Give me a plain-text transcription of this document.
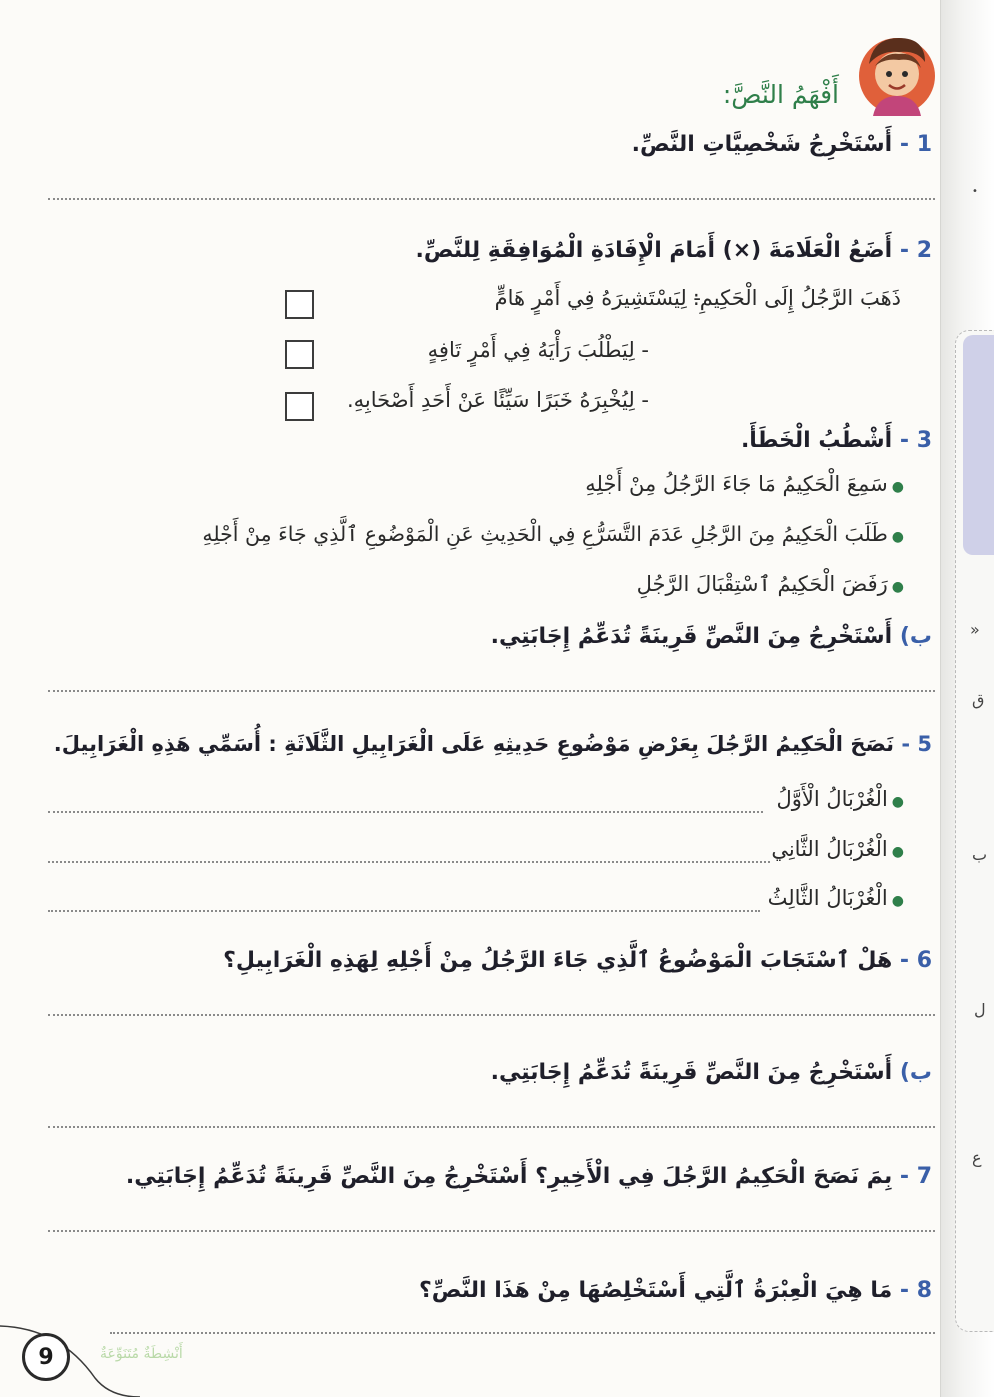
»
ق
ب
ل
ع
•
أَفْهَمُ النَّصَّ:
1 - أَسْتَخْرِجُ شَخْصِيَّاتِ النَّصِّ.
2 - أَضَعُ الْعَلَامَةَ (×) أَمَامَ الْإِفَادَةِ الْمُوَافِقَةِ لِلنَّصِّ.
ذَهَبَ الرَّجُلُ إِلَى الْحَكِيمِ:
- لِيَسْتَشِيرَهُ فِي أَمْرٍ هَامٍّ
- لِيَطْلُبَ رَأْيَهُ فِي أَمْرٍ تَافِهٍ
- لِيُخْبِرَهُ خَبَرًا سَيِّئًا عَنْ أَحَدِ أَصْحَابِهِ.
3 - أَشْطُبُ الْخَطَأَ.
●سَمِعَ الْحَكِيمُ مَا جَاءَ الرَّجُلُ مِنْ أَجْلِهِ
●طَلَبَ الْحَكِيمُ مِنَ الرَّجُلِ عَدَمَ التَّسَرُّعِ فِي الْحَدِيثِ عَنِ الْمَوْضُوعِ ٱلَّذِي جَاءَ مِنْ أَجْلِهِ
●رَفَضَ الْحَكِيمُ ٱسْتِقْبَالَ الرَّجُلِ
ب) أَسْتَخْرِجُ مِنَ النَّصِّ قَرِينَةً تُدَعِّمُ إِجَابَتِي.
5 - نَصَحَ الْحَكِيمُ الرَّجُلَ بِعَرْضِ مَوْضُوعِ حَدِيثِهِ عَلَى الْغَرَابِيلِ الثَّلَاثَةِ : أُسَمِّي هَذِهِ الْغَرَابِيلَ.
●الْغُرْبَالُ الْأَوَّلُ
●الْغُرْبَالُ الثَّانِي
●الْغُرْبَالُ الثَّالِثُ
6 - هَلْ ٱسْتَجَابَ الْمَوْضُوعُ ٱلَّذِي جَاءَ الرَّجُلُ مِنْ أَجْلِهِ لِهَذِهِ الْغَرَابِيلِ؟
ب) أَسْتَخْرِجُ مِنَ النَّصِّ قَرِينَةً تُدَعِّمُ إِجَابَتِي.
7 - بِمَ نَصَحَ الْحَكِيمُ الرَّجُلَ فِي الْأَخِيرِ؟ أَسْتَخْرِجُ مِنَ النَّصِّ قَرِينَةً تُدَعِّمُ إِجَابَتِي.
8 - مَا هِيَ الْعِبْرَةُ ٱلَّتِي أَسْتَخْلِصُهَا مِنْ هَذَا النَّصِّ؟
9	أَنْشِطَةٌ مُتَنَوِّعَةٌ
